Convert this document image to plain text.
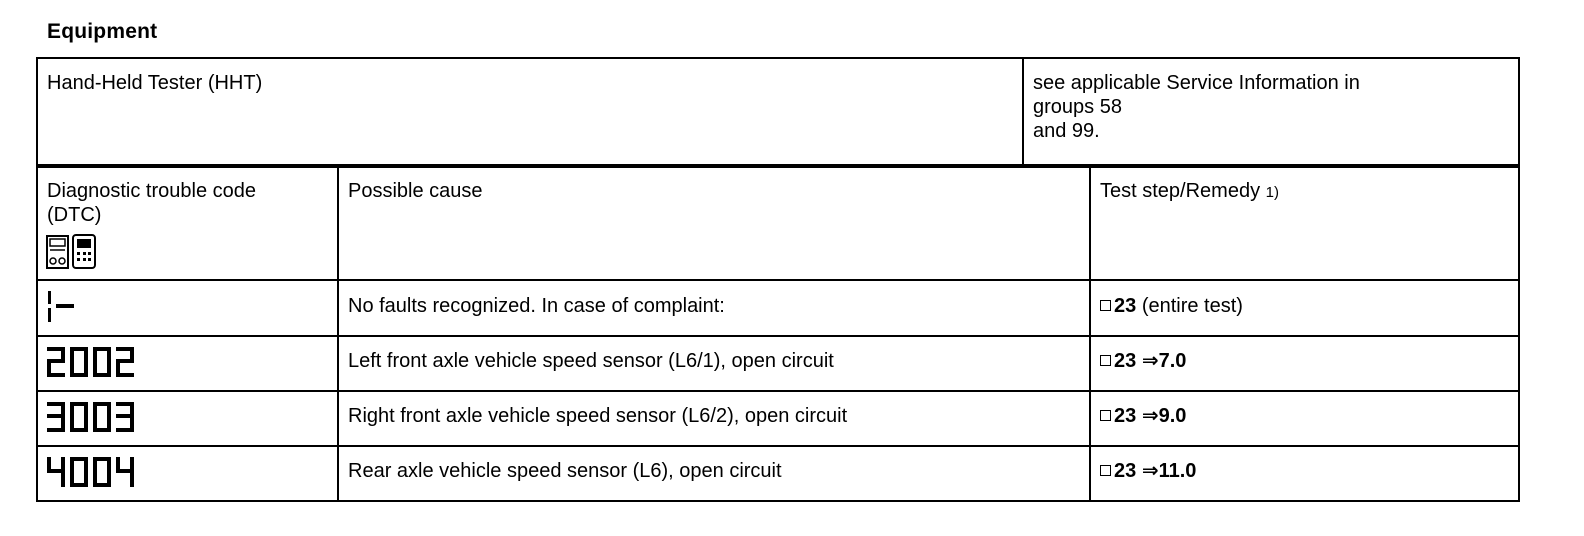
Equipment
Hand-Held Tester (HHT)	see applicable Service Information in
groups 58
and 99.
Diagnostic trouble code
(DTC)
Possible cause	Test step/Remedy 1)
No faults recognized. In case of complaint:
Left front axle vehicle speed sensor (L6/1), open circuit
Right front axle vehicle speed sensor (L6/2), open circuit
Rear axle vehicle speed sensor (L6), open circuit
23 (entire test)
23 ⇒7.0
23 ⇒9.0
23 ⇒11.0
